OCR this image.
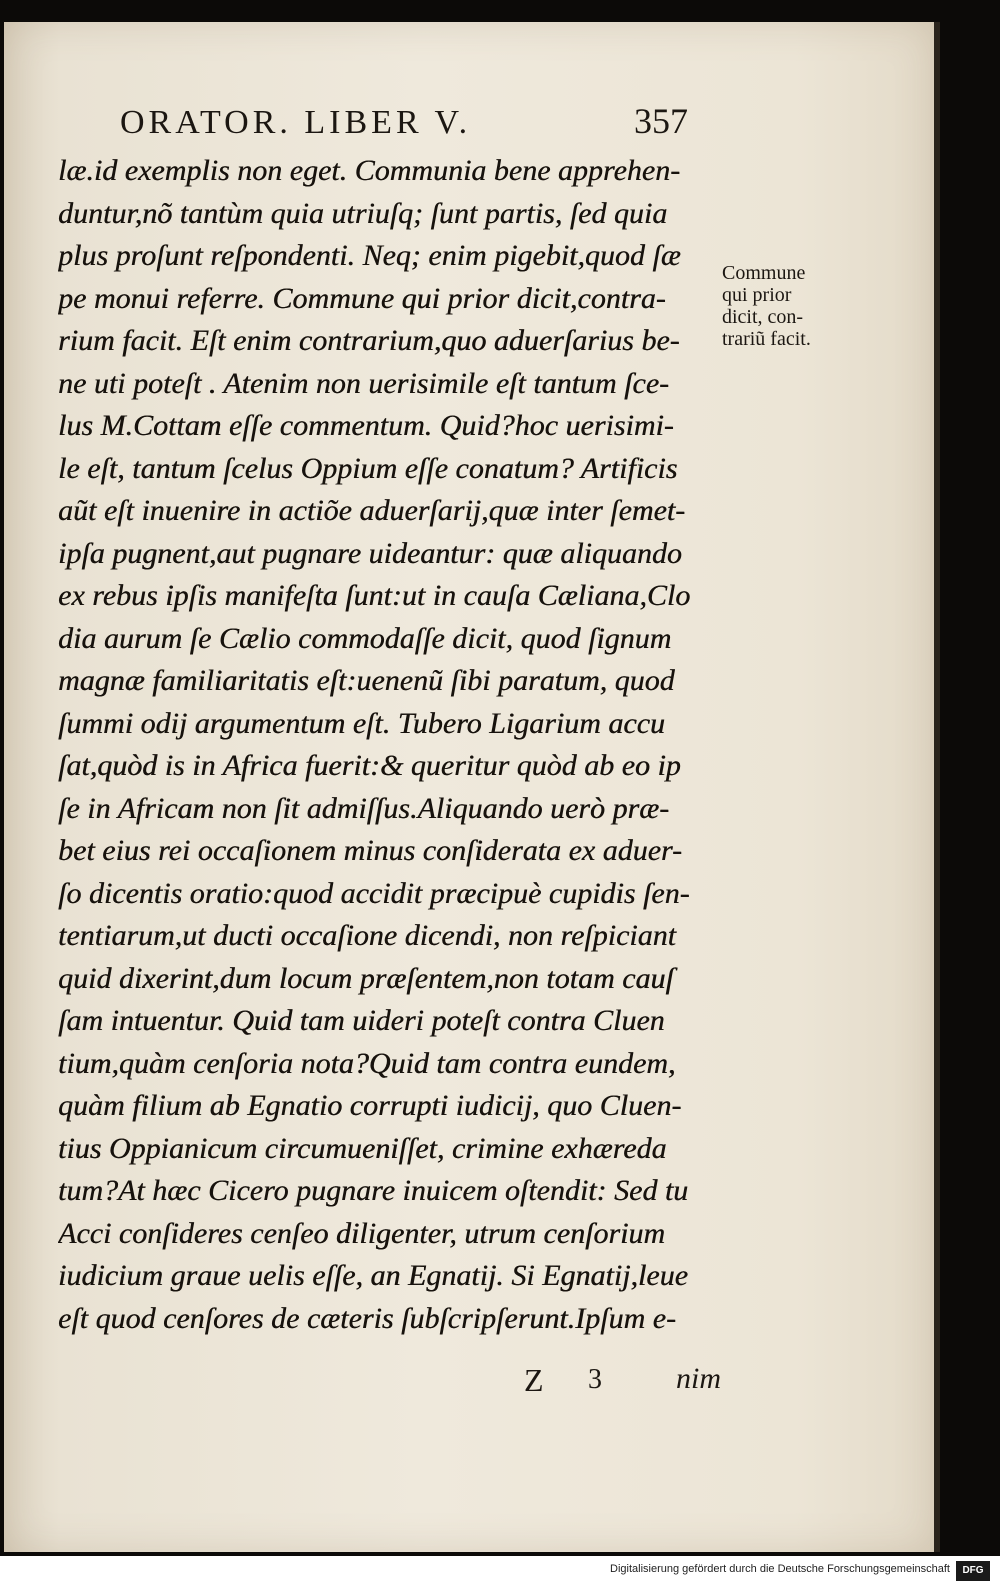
ORATOR. LIBER V.	357
læ.id exemplis non eget. Communia bene apprehen-
duntur,nõ tantùm quia utriuſq; ſunt partis, ſed quia
plus proſunt reſpondenti. Neq; enim pigebit,quod ſæ
pe monui referre. Commune qui prior dicit,contra-
rium facit. Eſt enim contrarium,quo aduerſarius be-
ne uti poteſt . Atenim non uerisimile eſt tantum ſce-
lus M.Cottam eſſe commentum. Quid?hoc uerisimi-
le eſt, tantum ſcelus Oppium eſſe conatum? Artificis
aũt eſt inuenire in actiõe aduerſarij,quæ inter ſemet-
ipſa pugnent,aut pugnare uideantur: quæ aliquando
ex rebus ipſis manifeſta ſunt:ut in cauſa Cæliana,Clo
dia aurum ſe Cælio commodaſſe dicit, quod ſignum
magnæ familiaritatis eſt:uenenũ ſibi paratum, quod
ſummi odij argumentum eſt. Tubero Ligarium accu
ſat,quòd is in Africa fuerit:& queritur quòd ab eo ip
ſe in Africam non ſit admiſſus.Aliquando uerò præ-
bet eius rei occaſionem minus conſiderata ex aduer-
ſo dicentis oratio:quod accidit præcipuè cupidis ſen-
tentiarum,ut ducti occaſione dicendi, non reſpiciant
quid dixerint,dum locum præſentem,non totam cauſ
ſam intuentur. Quid tam uideri poteſt contra Cluen
tium,quàm cenſoria nota?Quid tam contra eundem,
quàm filium ab Egnatio corrupti iudicij, quo Cluen-
tius Oppianicum circumueniſſet, crimine exhæreda
tum?At hæc Cicero pugnare inuicem oſtendit: Sed tu
Acci conſideres cenſeo diligenter, utrum cenſorium
iudicium graue uelis eſſe, an Egnatij. Si Egnatij,leue
eſt quod cenſores de cæteris ſubſcripſerunt.Ipſum e-
Commune
qui prior
dicit, con-
trariũ facit.
Z 3 nim
Digitalisierung gefördert durch die Deutsche Forschungsgemeinschaft	DFG
